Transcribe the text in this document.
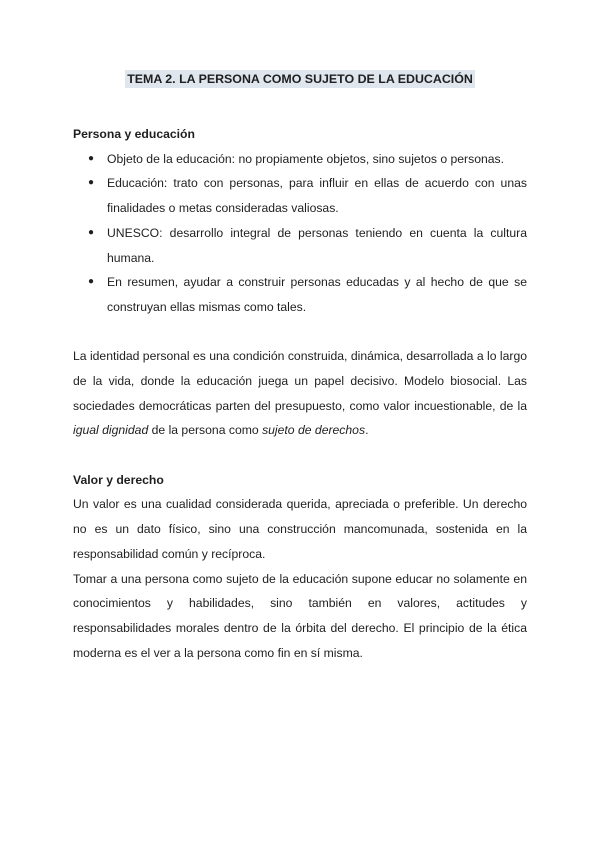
TEMA 2. LA PERSONA COMO SUJETO DE LA EDUCACIÓN
Persona y educación
● Objeto de la educación: no propiamente objetos, sino sujetos o personas.
● Educación: trato con personas, para influir en ellas de acuerdo con unas finalidades o metas consideradas valiosas.
● UNESCO: desarrollo integral de personas teniendo en cuenta la cultura humana.
● En resumen, ayudar a construir personas educadas y al hecho de que se construyan ellas mismas como tales.

La identidad personal es una condición construida, dinámica, desarrollada a lo largo de la vida, donde la educación juega un papel decisivo. Modelo biosocial. Las sociedades democráticas parten del presupuesto, como valor incuestionable, de la igual dignidad de la persona como sujeto de derechos.

Valor y derecho

Un valor es una cualidad considerada querida, apreciada o preferible. Un derecho no es un dato físico, sino una construcción mancomunada, sostenida en la responsabilidad común y recíproca.

Tomar a una persona como sujeto de la educación supone educar no solamente en conocimientos y habilidades, sino también en valores, actitudes y responsabilidades morales dentro de la órbita del derecho. El principio de la ética moderna es el ver a la persona como fin en sí misma.
